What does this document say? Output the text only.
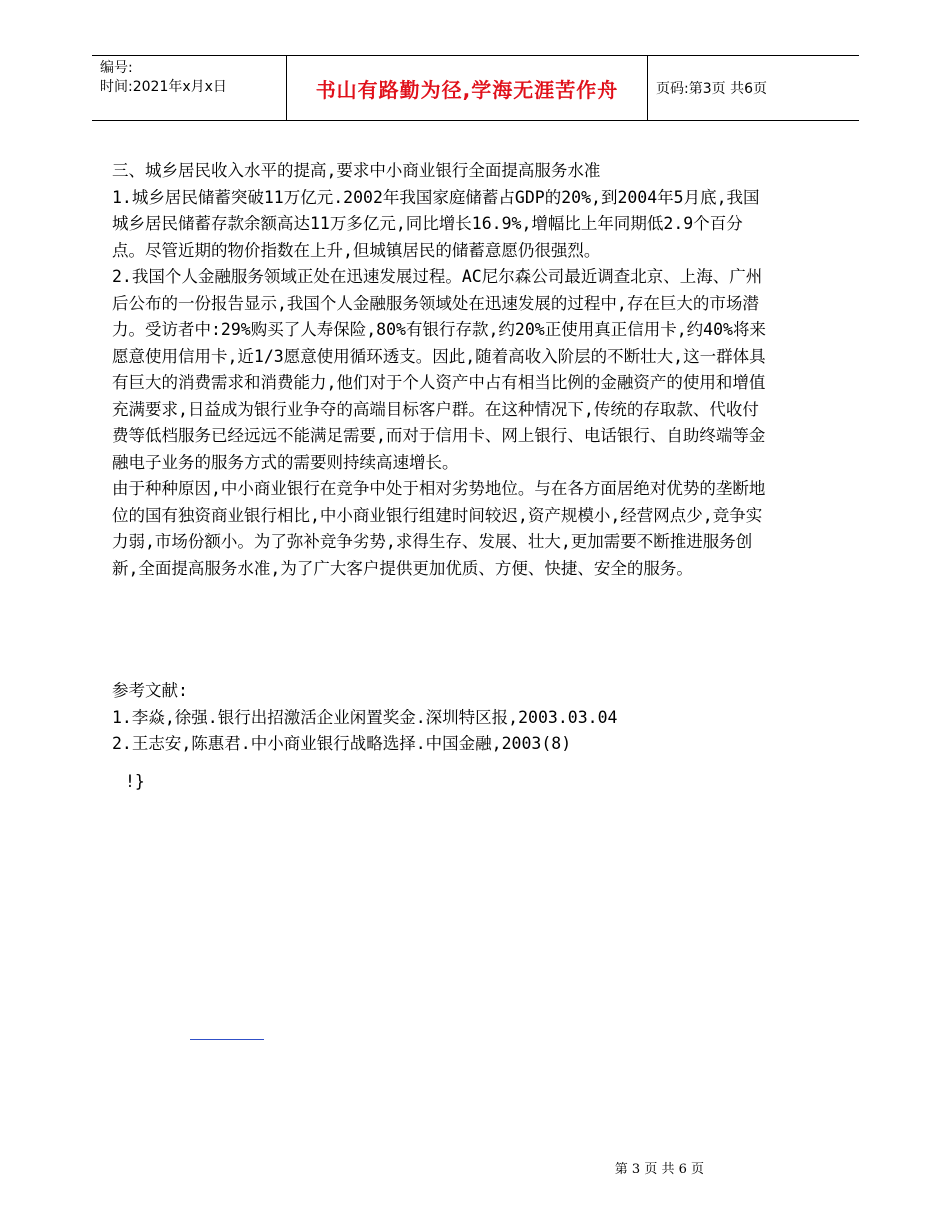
编号:
时间:2021年x月x日	书山有路勤为径,学海无涯苦作舟	页码:第3页 共6页

三、城乡居民收入水平的提高,要求中小商业银行全面提高服务水准

1.城乡居民储蓄突破11万亿元.2002年我国家庭储蓄占GDP的20%,到2004年5月底,我国城乡居民储蓄存款余额高达11万多亿元,同比增长16.9%,增幅比上年同期低2.9个百分点。尽管近期的物价指数在上升,但城镇居民的储蓄意愿仍很强烈。

2.我国个人金融服务领域正处在迅速发展过程。AC尼尔森公司最近调查北京、上海、广州后公布的一份报告显示,我国个人金融服务领域处在迅速发展的过程中,存在巨大的市场潜力。受访者中:29%购买了人寿保险,80%有银行存款,约20%正使用真正信用卡,约40%将来愿意使用信用卡,近1/3愿意使用循环透支。因此,随着高收入阶层的不断壮大,这一群体具有巨大的消费需求和消费能力,他们对于个人资产中占有相当比例的金融资产的使用和增值充满要求,日益成为银行业争夺的高端目标客户群。在这种情况下,传统的存取款、代收付费等低档服务已经远远不能满足需要,而对于信用卡、网上银行、电话银行、自助终端等金融电子业务的服务方式的需要则持续高速增长。

由于种种原因,中小商业银行在竞争中处于相对劣势地位。与在各方面居绝对优势的垄断地位的国有独资商业银行相比,中小商业银行组建时间较迟,资产规模小,经营网点少,竞争实力弱,市场份额小。为了弥补竞争劣势,求得生存、发展、壮大,更加需要不断推进服务创新,全面提高服务水准,为了广大客户提供更加优质、方便、快捷、安全的服务。

参考文献:

1.李焱,徐强.银行出招激活企业闲置奖金.深圳特区报,2003.03.04

2.王志安,陈惠君.中小商业银行战略选择.中国金融,2003(8)

!}
第 3 页 共 6 页
